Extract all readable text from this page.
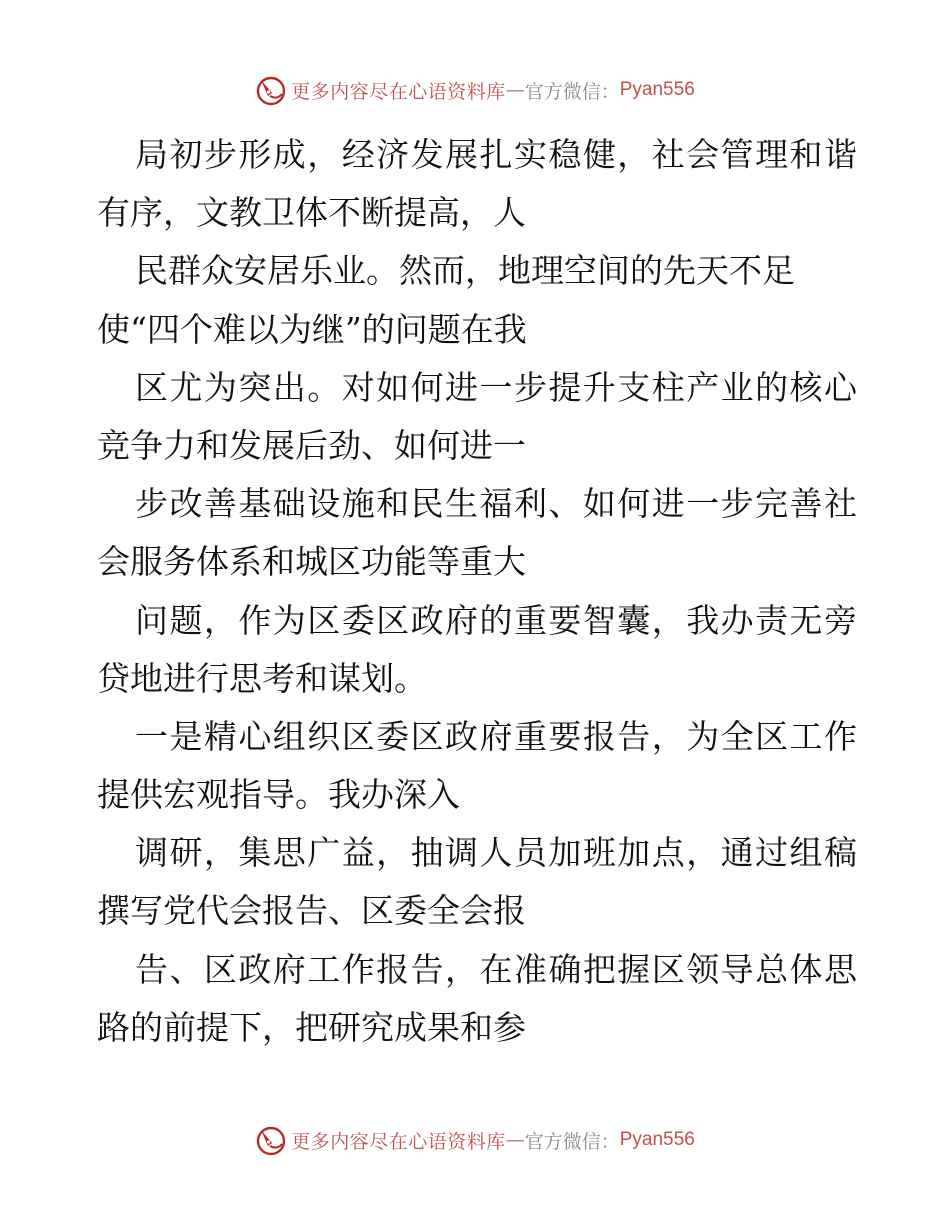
更多内容尽在心语资料库 — 官方微信： Pyan556
局初步形成，经济发展扎实稳健，社会管理和谐
有序，文教卫体不断提高，人
民群众安居乐业。然而，地理空间的先天不足
使“四个难以为继”的问题在我
区尤为突出。对如何进一步提升支柱产业的核心
竞争力和发展后劲、如何进一
步改善基础设施和民生福利、如何进一步完善社
会服务体系和城区功能等重大
问题，作为区委区政府的重要智囊，我办责无旁
贷地进行思考和谋划。
一是精心组织区委区政府重要报告，为全区工作
提供宏观指导。我办深入
调研，集思广益，抽调人员加班加点，通过组稿
撰写党代会报告、区委全会报
告、区政府工作报告，在准确把握区领导总体思
路的前提下，把研究成果和参
更多内容尽在心语资料库 — 官方微信： Pyan556
